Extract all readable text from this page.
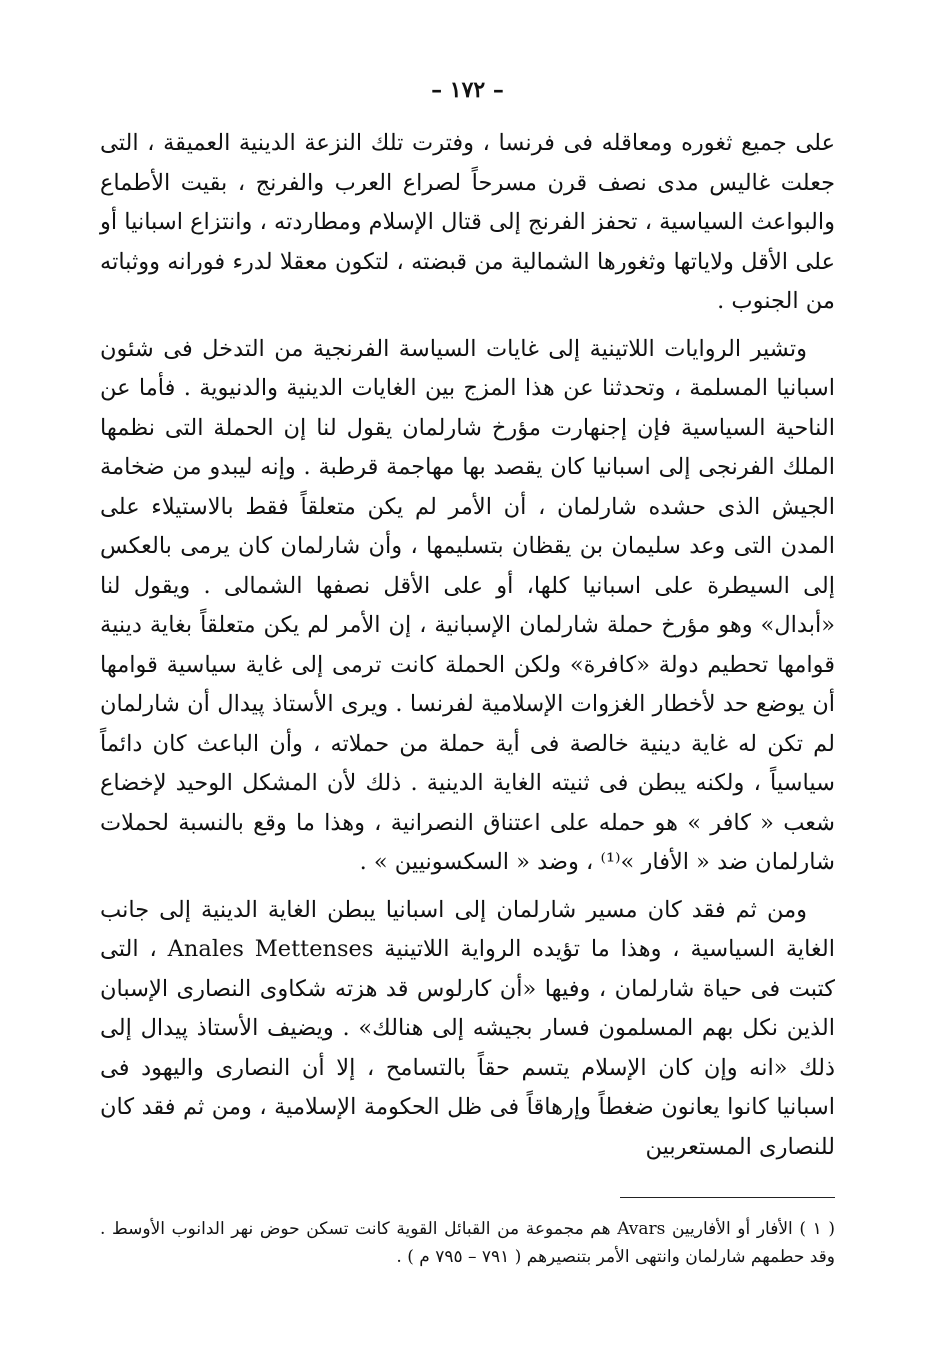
– ١٧٢ –

على جميع ثغوره ومعاقله فى فرنسا ، وفترت تلك النزعة الدينية العميقة ، التى جعلت غاليس مدى نصف قرن مسرحاً لصراع العرب والفرنج ، بقيت الأطماع والبواعث السياسية ، تحفز الفرنج إلى قتال الإسلام ومطاردته ، وانتزاع اسبانيا أو على الأقل ولاياتها وثغورها الشمالية من قبضته ، لتكون معقلا لدرء فورانه ووثباته من الجنوب .

وتشير الروايات اللاتينية إلى غايات السياسة الفرنجية من التدخل فى شئون اسبانيا المسلمة ، وتحدثنا عن هذا المزج بين الغايات الدينية والدنيوية . فأما عن الناحية السياسية فإن إجنهارت مؤرخ شارلمان يقول لنا إن الحملة التى نظمها الملك الفرنجى إلى اسبانيا كان يقصد بها مهاجمة قرطبة . وإنه ليبدو من ضخامة الجيش الذى حشده شارلمان ، أن الأمر لم يكن متعلقاً فقط بالاستيلاء على المدن التى وعد سليمان بن يقظان بتسليمها ، وأن شارلمان كان يرمى بالعكس إلى السيطرة على اسبانيا كلها، أو على الأقل نصفها الشمالى . ويقول لنا «أبدال» وهو مؤرخ حملة شارلمان الإسبانية ، إن الأمر لم يكن متعلقاً بغاية دينية قوامها تحطيم دولة «كافرة» ولكن الحملة كانت ترمى إلى غاية سياسية قوامها أن يوضع حد لأخطار الغزوات الإسلامية لفرنسا . ويرى الأستاذ پيدال أن شارلمان لم تكن له غاية دينية خالصة فى أية حملة من حملاته ، وأن الباعث كان دائماً سياسياً ، ولكنه يبطن فى ثنيته الغاية الدينية . ذلك لأن المشكل الوحيد لإخضاع شعب « كافر » هو حمله على اعتناق النصرانية ، وهذا ما وقع بالنسبة لحملات شارلمان ضد « الأفار »⁽¹⁾ ، وضد « السكسونيين » .

ومن ثم فقد كان مسير شارلمان إلى اسبانيا يبطن الغاية الدينية إلى جانب الغاية السياسية ، وهذا ما تؤيده الرواية اللاتينية Anales Mettenses ، التى كتبت فى حياة شارلمان ، وفيها «أن كارلوس قد هزته شكاوى النصارى الإسبان الذين نكل بهم المسلمون فسار بجيشه إلى هنالك» . ويضيف الأستاذ پيدال إلى ذلك «انه وإن كان الإسلام يتسم حقاً بالتسامح ، إلا أن النصارى واليهود فى اسبانيا كانوا يعانون ضغطاً وإرهاقاً فى ظل الحكومة الإسلامية ، ومن ثم فقد كان للنصارى المستعربين

( ١ ) الأفار أو الأفاريين Avars هم مجموعة من القبائل القوية كانت تسكن حوض نهر الدانوب الأوسط . وقد حطمهم شارلمان وانتهى الأمر بتنصيرهم ( ٧٩١ – ٧٩٥ م ) .
